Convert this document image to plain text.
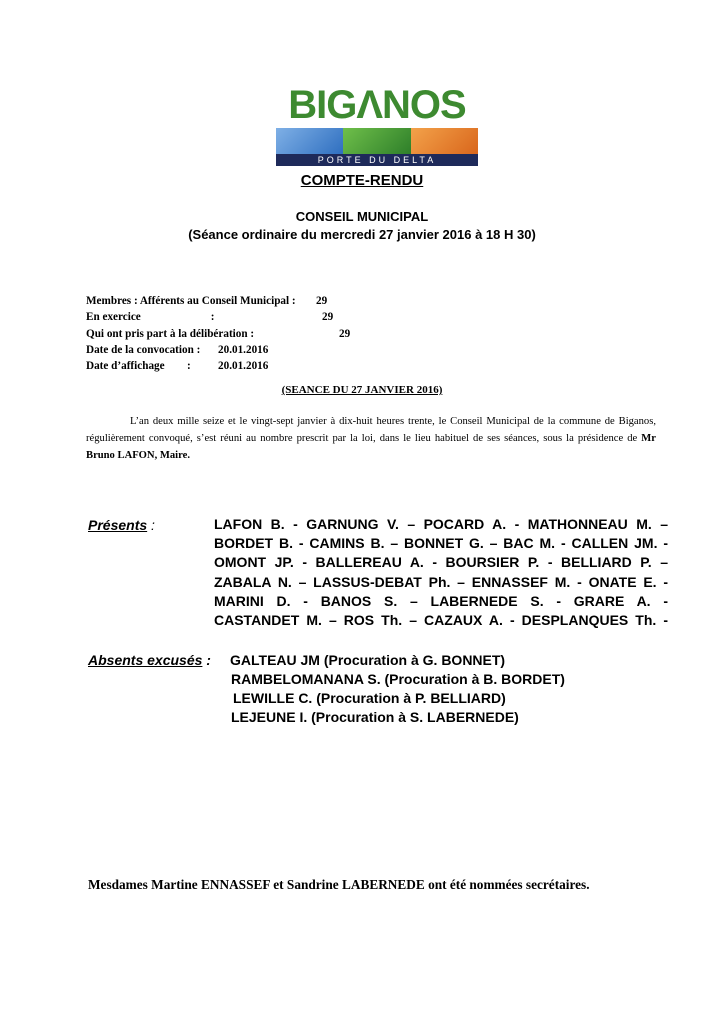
BIGΛNOS
PORTE DU DELTA
COMPTE-RENDU
CONSEIL MUNICIPAL
(Séance ordinaire du mercredi 27 janvier 2016 à 18 H 30)
Membres : Afférents au Conseil Municipal :	29
En exercice                         :	29
Qui ont pris part à la délibération :	29
Date de la convocation :	20.01.2016
Date d’affichage        :	20.01.2016
(SEANCE DU 27 JANVIER 2016)
L’an deux mille seize et le vingt-sept janvier à dix-huit heures trente, le Conseil Municipal de la commune de Biganos, régulièrement convoqué, s’est réuni au nombre prescrit par la loi, dans le lieu habituel de ses séances, sous la présidence de Mr Bruno LAFON, Maire.
Présents :	LAFON B. - GARNUNG V. – POCARD A. - MATHONNEAU M. –
BORDET B. - CAMINS B. – BONNET G. – BAC M. - CALLEN JM. -
OMONT JP. - BALLEREAU A. - BOURSIER P. - BELLIARD P. –
ZABALA N. – LASSUS-DEBAT Ph. – ENNASSEF M. - ONATE E. -
MARINI D. - BANOS S. – LABERNEDE S. - GRARE A. -
CASTANDET M. – ROS Th. – CAZAUX A. - DESPLANQUES Th. -
Absents excusés : GALTEAU JM (Procuration à G. BONNET)
RAMBELOMANANA S. (Procuration à B. BORDET)
LEWILLE C. (Procuration à P. BELLIARD)
LEJEUNE I. (Procuration à S. LABERNEDE)
Mesdames Martine ENNASSEF et Sandrine LABERNEDE ont été nommées secrétaires.
